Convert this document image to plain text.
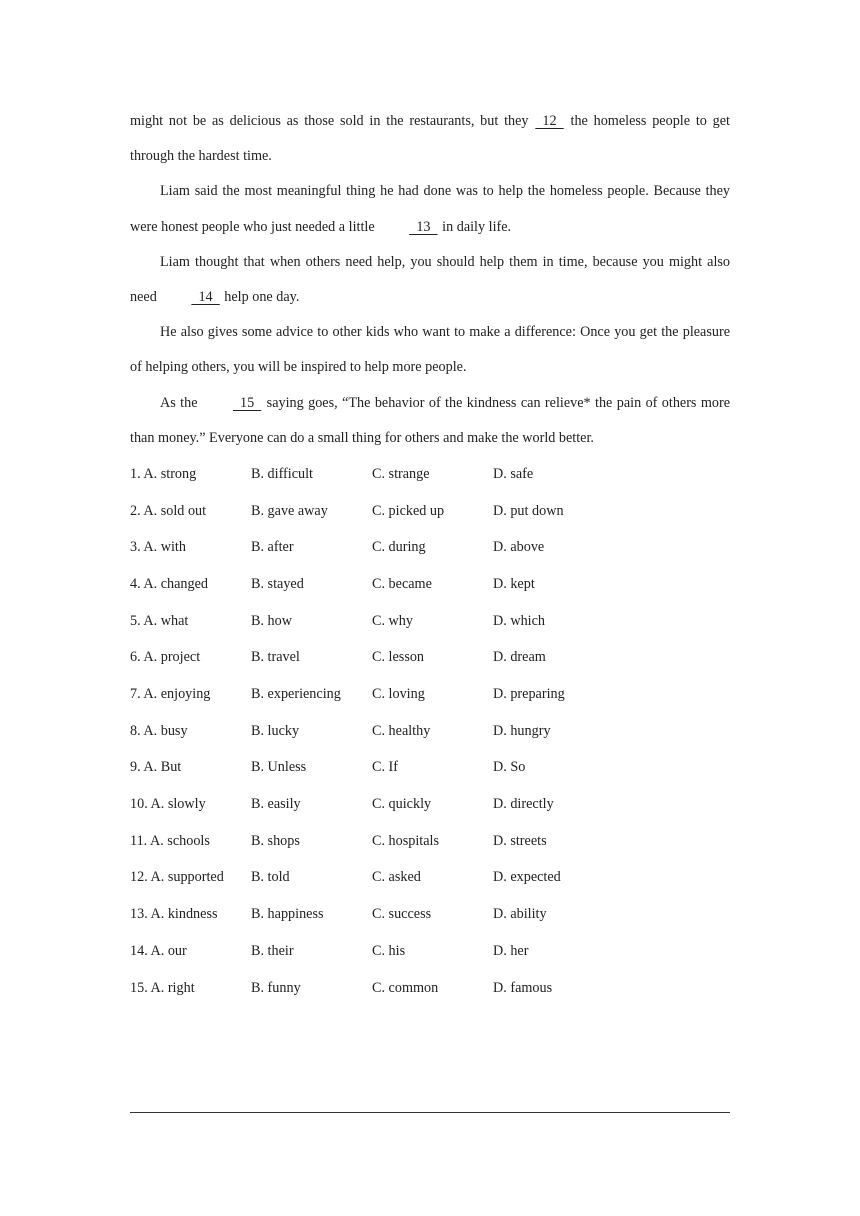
might not be as delicious as those sold in the restaurants, but they   12   the homeless people to get through the hardest time.

Liam said the most meaningful thing he had done was to help the homeless people. Because they were honest people who just needed a little   13   in daily life.

Liam thought that when others need help, you should help them in time, because you might also need   14   help one day.

He also gives some advice to other kids who want to make a difference: Once you get the pleasure of helping others, you will be inspired to help more people.

As the   15   saying goes, “The behavior of the kindness can relieve* the pain of others more than money.” Everyone can do a small thing for others and make the world better.

1. A. strong	B. difficult	C. strange	D. safe
2. A. sold out	B. gave away	C. picked up	D. put down
3. A. with	B. after	C. during	D. above
4. A. changed	B. stayed	C. became	D. kept
5. A. what	B. how	C. why	D. which
6. A. project	B. travel	C. lesson	D. dream
7. A. enjoying	B. experiencing	C. loving	D. preparing
8. A. busy	B. lucky	C. healthy	D. hungry
9. A. But	B. Unless	C. If	D. So
10. A. slowly	B. easily	C. quickly	D. directly
11. A. schools	B. shops	C. hospitals	D. streets
12. A. supported	B. told	C. asked	D. expected
13. A. kindness	B. happiness	C. success	D. ability
14. A. our	B. their	C. his	D. her
15. A. right	B. funny	C. common	D. famous
